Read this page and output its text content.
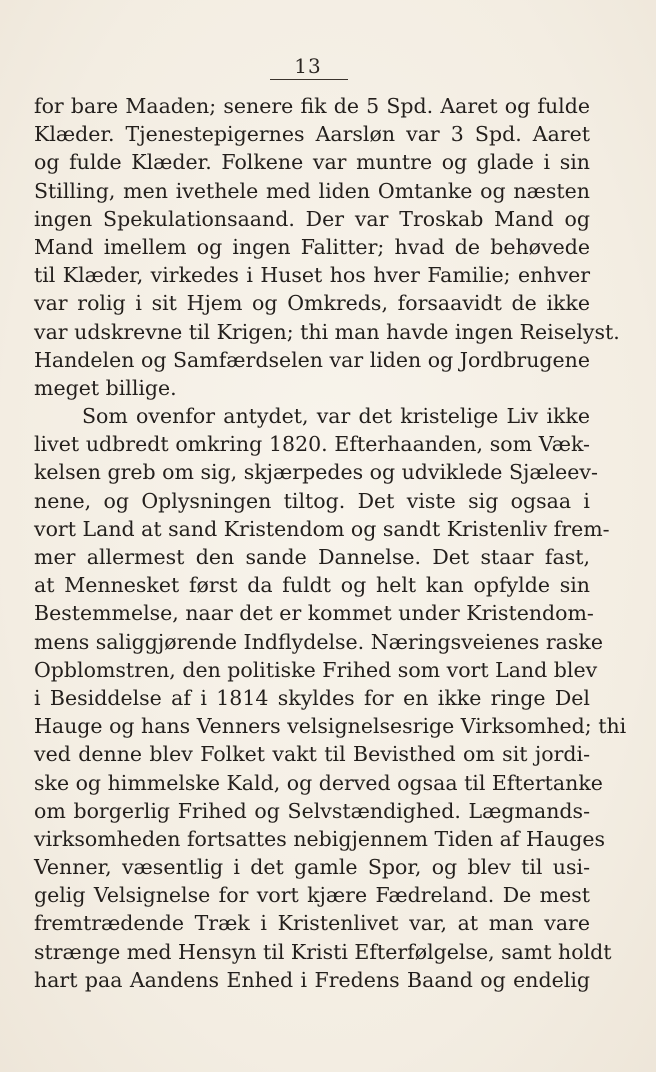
13
for bare Maaden; senere fik de 5 Spd. Aaret og fulde
Klæder. Tjenestepigernes Aarsløn var 3 Spd. Aaret
og fulde Klæder. Folkene var muntre og glade i sin
Stilling, men ivethele med liden Omtanke og næsten
ingen Spekulationsaand. Der var Troskab Mand og
Mand imellem og ingen Falitter; hvad de behøvede
til Klæder, virkedes i Huset hos hver Familie; enhver
var rolig i sit Hjem og Omkreds, forsaavidt de ikke
var udskrevne til Krigen; thi man havde ingen Reiselyst.
Handelen og Samfærdselen var liden og Jordbrugene
meget billige.
Som ovenfor antydet, var det kristelige Liv ikke
livet udbredt omkring 1820. Efterhaanden, som Væk-
kelsen greb om sig, skjærpedes og udviklede Sjæleev-
nene, og Oplysningen tiltog. Det viste sig ogsaa i
vort Land at sand Kristendom og sandt Kristenliv frem-
mer allermest den sande Dannelse. Det staar fast,
at Mennesket først da fuldt og helt kan opfylde sin
Bestemmelse, naar det er kommet under Kristendom-
mens saliggjørende Indflydelse. Næringsveienes raske
Opblomstren, den politiske Frihed som vort Land blev
i Besiddelse af i 1814 skyldes for en ikke ringe Del
Hauge og hans Venners velsignelsesrige Virksomhed; thi
ved denne blev Folket vakt til Bevisthed om sit jordi-
ske og himmelske Kald, og derved ogsaa til Eftertanke
om borgerlig Frihed og Selvstændighed. Lægmands-
virksomheden fortsattes nebigjennem Tiden af Hauges
Venner, væsentlig i det gamle Spor, og blev til usi-
gelig Velsignelse for vort kjære Fædreland. De mest
fremtrædende Træk i Kristenlivet var, at man vare
strænge med Hensyn til Kristi Efterfølgelse, samt holdt
hart paa Aandens Enhed i Fredens Baand og endelig
